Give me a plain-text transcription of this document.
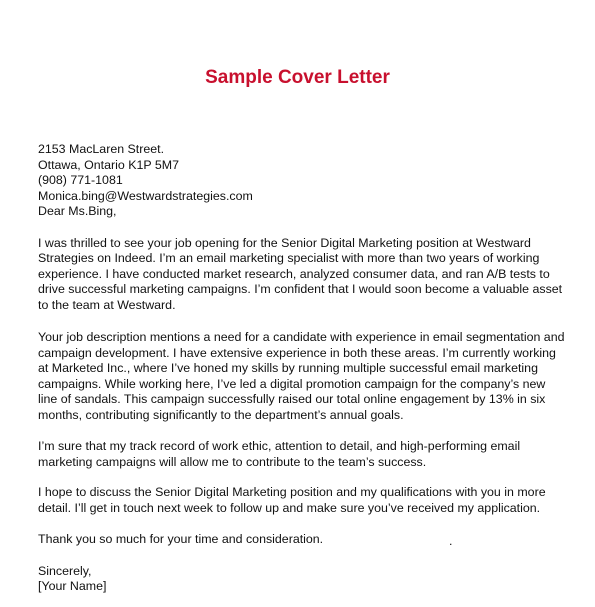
Sample Cover Letter
2153 MacLaren Street.
Ottawa, Ontario K1P 5M7
(908) 771-1081
Monica.bing@Westwardstrategies.com

Dear Ms.Bing,

I was thrilled to see your job opening for the Senior Digital Marketing position at Westward Strategies on Indeed. I’m an email marketing specialist with more than two years of working experience. I have conducted market research, analyzed consumer data, and ran A/B tests to drive successful marketing campaigns. I’m confident that I would soon become a valuable asset to the team at Westward.

Your job description mentions a need for a candidate with experience in email segmentation and campaign development. I have extensive experience in both these areas. I’m currently working at Marketed Inc., where I’ve honed my skills by running multiple successful email marketing campaigns. While working here, I’ve led a digital promotion campaign for the company’s new line of sandals. This campaign successfully raised our total online engagement by 13% in six months, contributing significantly to the department’s annual goals.

I’m sure that my track record of work ethic, attention to detail, and high-performing email marketing campaigns will allow me to contribute to the team’s success.

I hope to discuss the Senior Digital Marketing position and my qualifications with you in more detail. I’ll get in touch next week to follow up and make sure you’ve received my application.

Thank you so much for your time and consideration.

Sincerely,
[Your Name]
.
